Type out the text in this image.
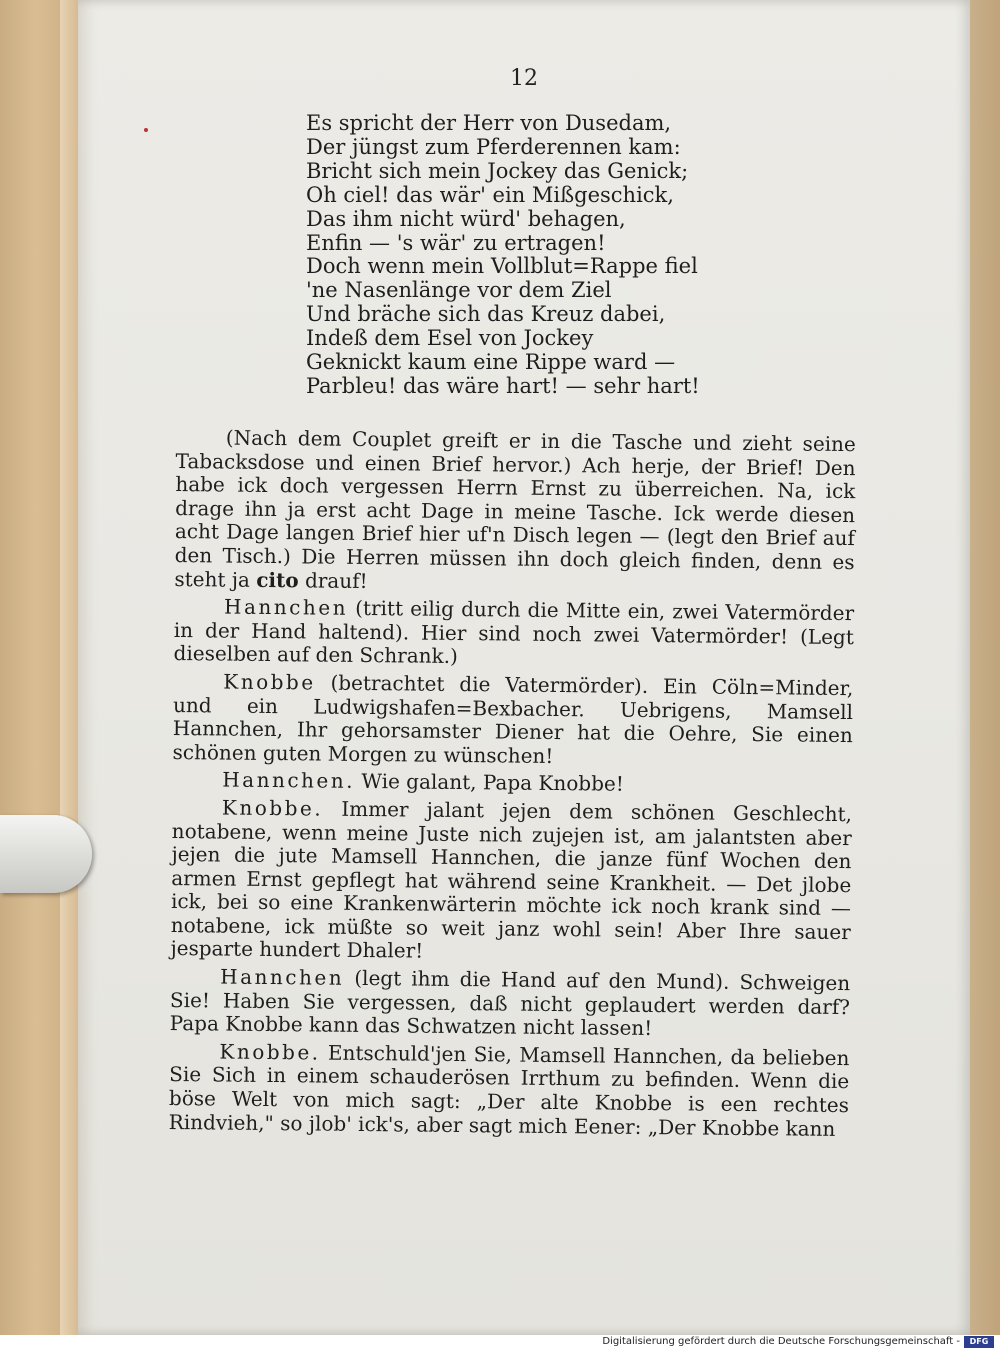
12
Es spricht der Herr von Dusedam,
Der jüngst zum Pferderennen kam:
Bricht sich mein Jockey das Genick;
Oh ciel! das wär' ein Mißgeschick,
Das ihm nicht würd' behagen,
Enfin — 's wär' zu ertragen!
Doch wenn mein Vollblut=Rappe fiel
'ne Nasenlänge vor dem Ziel
Und bräche sich das Kreuz dabei,
Indeß dem Esel von Jockey
Geknickt kaum eine Rippe ward —
Parbleu! das wäre hart! — sehr hart!

(Nach dem Couplet greift er in die Tasche und zieht seine Tabacksdose und einen Brief hervor.) Ach herje, der Brief! Den habe ick doch vergessen Herrn Ernst zu überreichen. Na, ick drage ihn ja erst acht Dage in meine Tasche. Ick werde diesen acht Dage langen Brief hier uf'n Disch legen — (legt den Brief auf den Tisch.) Die Herren müssen ihn doch gleich finden, denn es steht ja cito drauf!

Hannchen (tritt eilig durch die Mitte ein, zwei Vatermörder in der Hand haltend). Hier sind noch zwei Vatermörder! (Legt dieselben auf den Schrank.)

Knobbe (betrachtet die Vatermörder). Ein Cöln=Minder, und ein Ludwigshafen=Bexbacher. Uebrigens, Mamsell Hannchen, Ihr gehorsamster Diener hat die Oehre, Sie einen schönen guten Morgen zu wünschen!

Hannchen. Wie galant, Papa Knobbe!

Knobbe. Immer jalant jejen dem schönen Geschlecht, notabene, wenn meine Juste nich zujejen ist, am jalantsten aber jejen die jute Mamsell Hannchen, die janze fünf Wochen den armen Ernst gepflegt hat während seine Krankheit. — Det jlobe ick, bei so eine Krankenwärterin möchte ick noch krank sind — notabene, ick müßte so weit janz wohl sein! Aber Ihre sauer jesparte hundert Dhaler!

Hannchen (legt ihm die Hand auf den Mund). Schweigen Sie! Haben Sie vergessen, daß nicht geplaudert werden darf? Papa Knobbe kann das Schwatzen nicht lassen!

Knobbe. Entschuld'jen Sie, Mamsell Hannchen, da belieben Sie Sich in einem schauderösen Irrthum zu befinden. Wenn die böse Welt von mich sagt: „Der alte Knobbe is een rechtes Rindvieh," so jlob' ick's, aber sagt mich Eener: „Der Knobbe kann

Digitalisierung gefördert durch die Deutsche Forschungsgemeinschaft -	DFG
